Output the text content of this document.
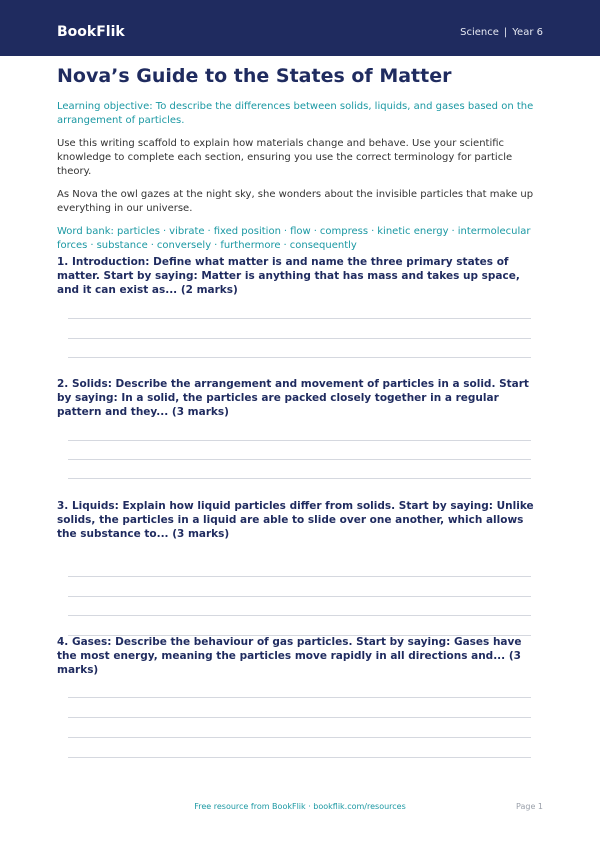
BookFlik	Science | Year 6
Nova’s Guide to the States of Matter
Learning objective: To describe the differences between solids, liquids, and gases based on the arrangement of particles.
Use this writing scaffold to explain how materials change and behave. Use your scientific knowledge to complete each section, ensuring you use the correct terminology for particle theory.
As Nova the owl gazes at the night sky, she wonders about the invisible particles that make up everything in our universe.
Word bank: particles · vibrate · fixed position · flow · compress · kinetic energy · intermolecular forces · substance · conversely · furthermore · consequently
1. Introduction: Define what matter is and name the three primary states of matter. Start by saying: Matter is anything that has mass and takes up space, and it can exist as... (2 marks)
2. Solids: Describe the arrangement and movement of particles in a solid. Start by saying: In a solid, the particles are packed closely together in a regular pattern and they... (3 marks)
3. Liquids: Explain how liquid particles differ from solids. Start by saying: Unlike solids, the particles in a liquid are able to slide over one another, which allows the substance to... (3 marks)
4. Gases: Describe the behaviour of gas particles. Start by saying: Gases have the most energy, meaning the particles move rapidly in all directions and... (3 marks)
Free resource from BookFlik · bookflik.com/resources	Page 1
